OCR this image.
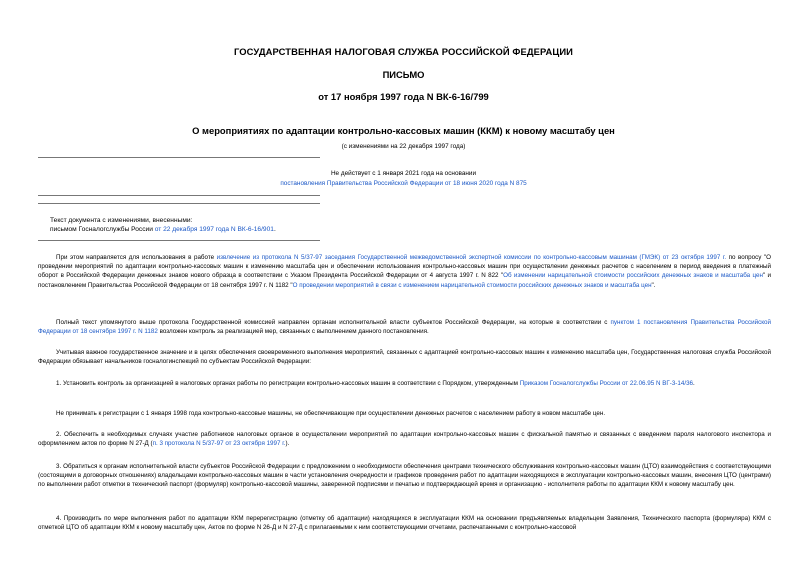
ГОСУДАРСТВЕННАЯ НАЛОГОВАЯ СЛУЖБА РОССИЙСКОЙ ФЕДЕРАЦИИ
ПИСЬМО
от 17 ноября 1997 года N ВК-6-16/799
О мероприятиях по адаптации контрольно-кассовых машин (ККМ) к новому масштабу цен
(с изменениями на 22 декабря 1997 года)
Не действует с 1 января 2021 года на основании
постановления Правительства Российской Федерации от 18 июня 2020 года N 875
Текст документа с изменениями, внесенными:
письмом Госналогслужбы России от 22 декабря 1997 года N ВК-6-16/901.

При этом направляется для использования в работе извлечение из протокола N 5/37-97 заседания Государственной межведомственной экспертной комиссии по контрольно-кассовым машинам (ГМЭК) от 23 октября 1997 г. по вопросу "О проведении мероприятий по адаптации контрольно-кассовых машин к изменению масштаба цен и обеспечении использования контрольно-кассовых машин при осуществлении денежных расчетов с населением в период введения в платежный оборот в Российской Федерации денежных знаков нового образца в соответствии с Указом Президента Российской Федерации от 4 августа 1997 г. N 822 "Об изменении нарицательной стоимости российских денежных знаков и масштаба цен" и постановлением Правительства Российской Федерации от 18 сентября 1997 г. N 1182 "О проведении мероприятий в связи с изменением нарицательной стоимости российских денежных знаков и масштаба цен".

Полный текст упомянутого выше протокола Государственной комиссией направлен органам исполнительной власти субъектов Российской Федерации, на которые в соответствии с пунктом 1 постановления Правительства Российской Федерации от 18 сентября 1997 г. N 1182 возложен контроль за реализацией мер, связанных с выполнением данного постановления.

Учитывая важное государственное значение и в целях обеспечения своевременного выполнения мероприятий, связанных с адаптацией контрольно-кассовых машин к изменению масштаба цен, Государственная налоговая служба Российской Федерации обязывает начальников госналогинспекций по субъектам Российской Федерации:

1. Установить контроль за организацией в налоговых органах работы по регистрации контрольно-кассовых машин в соответствии с Порядком, утвержденным Приказом Госналогслужбы России от 22.06.95 N ВГ-3-14/36.

Не принимать к регистрации с 1 января 1998 года контрольно-кассовые машины, не обеспечивающие при осуществлении денежных расчетов с населением работу в новом масштабе цен.

2. Обеспечить в необходимых случаях участие работников налоговых органов в осуществлении мероприятий по адаптации контрольно-кассовых машин с фискальной памятью и связанных с введением пароля налогового инспектора и оформлением актов по форме N 27-Д (п. 3 протокола N 5/37-97 от 23 октября 1997 г.).

3. Обратиться к органам исполнительной власти субъектов Российской Федерации с предложением о необходимости обеспечения центрами технического обслуживания контрольно-кассовых машин (ЦТО) взаимодействия с соответствующими (состоящими в договорных отношениях) владельцами контрольно-кассовых машин в части установления очередности и графиков проведения работ по адаптации находящихся в эксплуатации контрольно-кассовых машин, внесения ЦТО (центрами) по выполнении работ отметки в технический паспорт (формуляр) контрольно-кассовой машины, заверенной подписями и печатью и подтверждающей время и организацию - исполнителя работы по адаптации ККМ к новому масштабу цен.

4. Производить по мере выполнения работ по адаптации ККМ перерегистрацию (отметку об адаптации) находящихся в эксплуатации ККМ на основании предъявляемых владельцем Заявления, Технического паспорта (формуляра) ККМ с отметкой ЦТО об адаптации ККМ к новому масштабу цен, Актов по форме N 26-Д и N 27-Д с прилагаемыми к ним соответствующими отчетами, распечатанными с контрольно-кассовой
